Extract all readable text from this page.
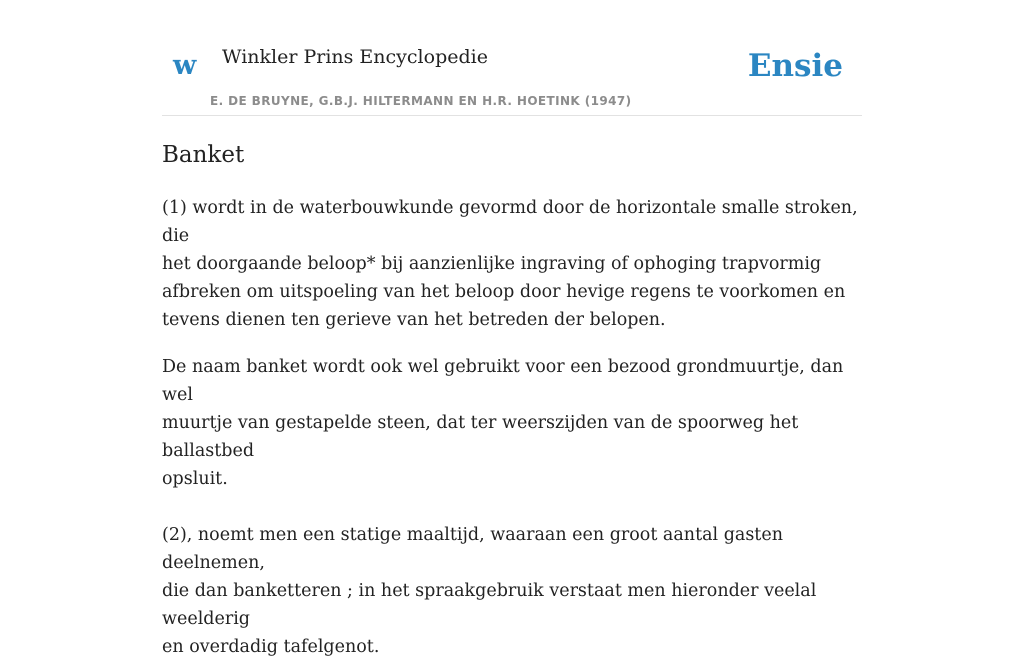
w Winkler Prins Encyclopedie
E. DE BRUYNE, G.B.J. HILTERMANN EN H.R. HOETINK (1947)
Ensie
Banket

(1) wordt in de waterbouwkunde gevormd door de horizontale smalle stroken, die
het doorgaande beloop* bij aanzienlijke ingraving of ophoging trapvormig
afbreken om uitspoeling van het beloop door hevige regens te voorkomen en
tevens dienen ten gerieve van het betreden der belopen.

De naam banket wordt ook wel gebruikt voor een bezood grondmuurtje, dan wel
muurtje van gestapelde steen, dat ter weerszijden van de spoorweg het ballastbed
opsluit.

(2), noemt men een statige maaltijd, waaraan een groot aantal gasten deelnemen,
die dan banketteren ; in het spraakgebruik verstaat men hieronder veelal weelderig
en overdadig tafelgenot.
